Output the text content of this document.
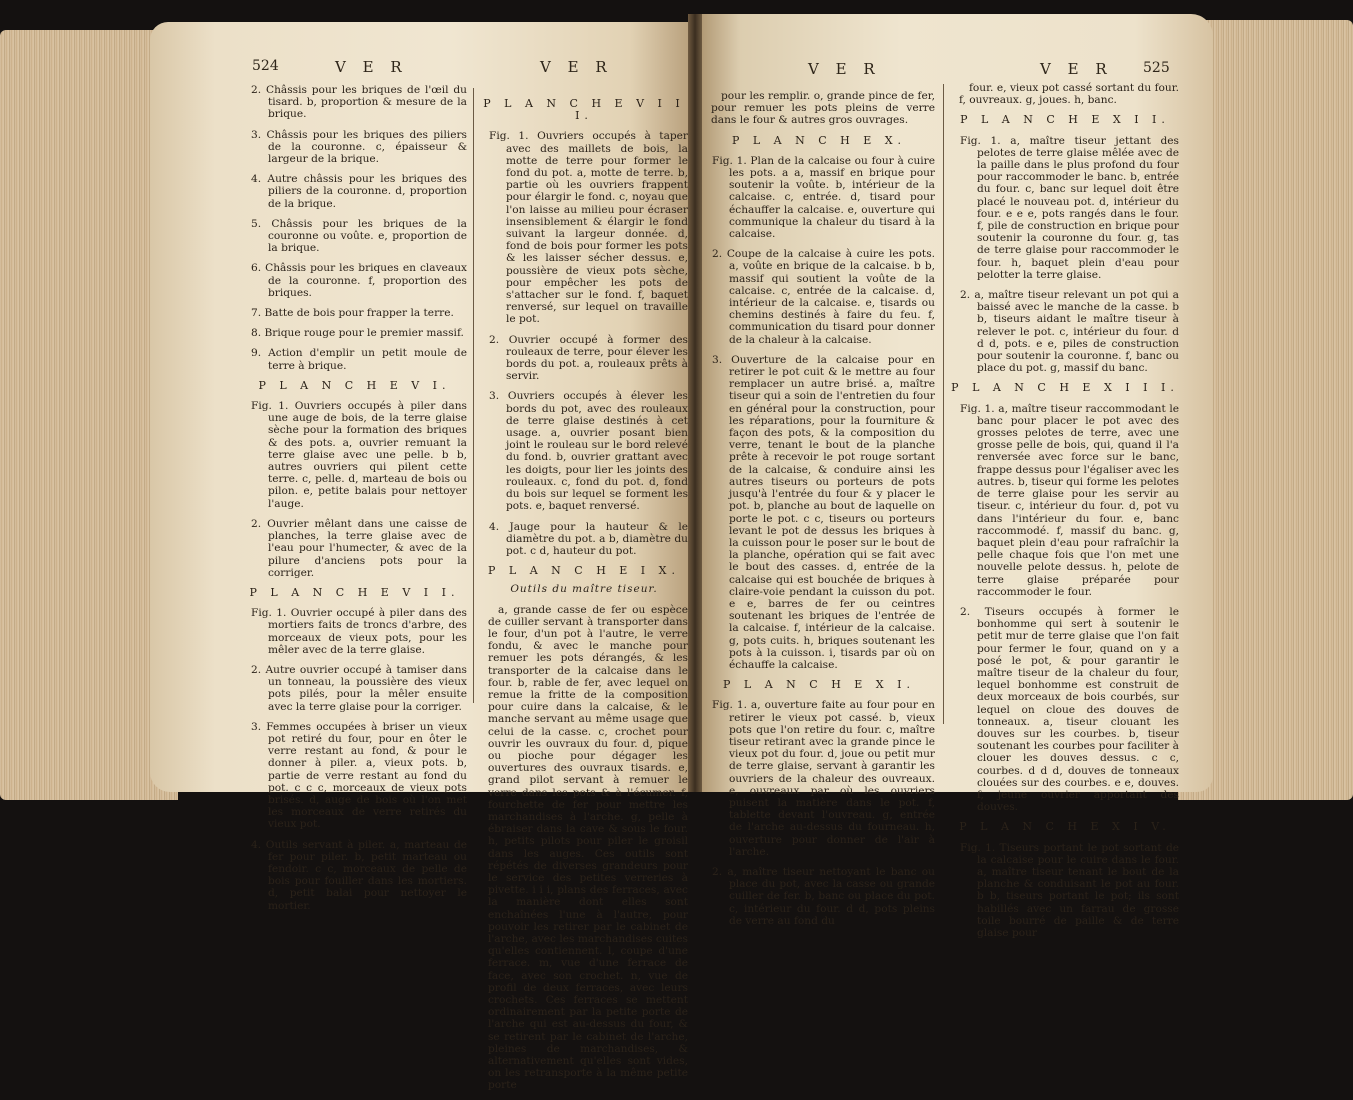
524	V E R	V E R

2. Châssis pour les briques de l'œil du tisard. b, proportion & mesure de la brique.

3. Châssis pour les briques des piliers de la couronne. c, épaisseur & largeur de la brique.

4. Autre châssis pour les briques des piliers de la couronne. d, proportion de la brique.

5. Châssis pour les briques de la couronne ou voûte. e, proportion de la brique.

6. Châssis pour les briques en claveaux de la couronne. f, proportion des briques.

7. Batte de bois pour frapper la terre.

8. Brique rouge pour le premier massif.

9. Action d'emplir un petit moule de terre à brique.

P L A N C H E V I.

Fig. 1. Ouvriers occupés à piler dans une auge de bois, de la terre glaise sèche pour la formation des briques & des pots. a, ouvrier remuant la terre glaise avec une pelle. b b, autres ouvriers qui pilent cette terre. c, pelle. d, marteau de bois ou pilon. e, petite balais pour nettoyer l'auge.

2. Ouvrier mêlant dans une caisse de planches, la terre glaise avec de l'eau pour l'humecter, & avec de la pilure d'anciens pots pour la corriger.

P L A N C H E V I I.

Fig. 1. Ouvrier occupé à piler dans des mortiers faits de troncs d'arbre, des morceaux de vieux pots, pour les mêler avec de la terre glaise.

2. Autre ouvrier occupé à tamiser dans un tonneau, la poussière des vieux pots pilés, pour la mêler ensuite avec la terre glaise pour la corriger.

3. Femmes occupées à briser un vieux pot retiré du four, pour en ôter le verre restant au fond, & pour le donner à piler. a, vieux pots. b, partie de verre restant au fond du pot. c c c, morceaux de vieux pots brisés. d, auge de bois où l'on met les morceaux de verre retirés du vieux pot.

4. Outils servant à piler. a, marteau de fer pour piler. b, petit marteau ou fendoir. c c, morceaux de pelle de bois pour fouiller dans les mortiers. d, petit balai pour nettoyer le mortier.

P L A N C H E V I I I.

Fig. 1. Ouvriers occupés à taper avec des maillets de bois, la motte de terre pour former le fond du pot. a, motte de terre. b, partie où les ouvriers frappent pour élargir le fond. c, noyau que l'on laisse au milieu pour écraser insensiblement & élargir le fond suivant la largeur donnée. d, fond de bois pour former les pots & les laisser sécher dessus. e, poussière de vieux pots sèche, pour empêcher les pots de s'attacher sur le fond. f, baquet renversé, sur lequel on travaille le pot.

2. Ouvrier occupé à former des rouleaux de terre, pour élever les bords du pot. a, rouleaux prêts à servir.

3. Ouvriers occupés à élever les bords du pot, avec des rouleaux de terre glaise destinés à cet usage. a, ouvrier posant bien joint le rouleau sur le bord relevé du fond. b, ouvrier grattant avec les doigts, pour lier les joints des rouleaux. c, fond du pot. d, fond du bois sur lequel se forment les pots. e, baquet renversé.

4. Jauge pour la hauteur & le diamètre du pot. a b, diamètre du pot. c d, hauteur du pot.

P L A N C H E I X.
Outils du maître tiseur.

a, grande casse de fer ou espèce de cuiller servant à transporter dans le four, d'un pot à l'autre, le verre fondu, & avec le manche pour remuer les pots dérangés, & les transporter de la calcaise dans le four. b, rable de fer, avec lequel on remue la fritte de la composition pour cuire dans la calcaise, & le manche servant au même usage que celui de la casse. c, crochet pour ouvrir les ouvraux du four. d, pique ou pioche pour dégager les ouvertures des ouvraux tisards. e, grand pilot servant à remuer le verre dans les pots & à l'écumer. f, fourchette de fer pour mettre les marchandises à l'arche. g, pelle à ébraiser dans la cave & sous le four. h, petits pilots pour piler le groisil dans les auges. Ces outils sont répétés de diverses grandeurs pour le service des petites verreries à pivette. i i i, plans des ferraces, avec la manière dont elles sont enchaînées l'une à l'autre, pour pouvoir les retirer par le cabinet de l'arche, avec les marchandises cuites qu'elles contiennent. l, coupe d'une ferrace. m, vue d'une ferrace de face, avec son crochet. n, vue de profil de deux ferraces, avec leurs crochets. Ces ferraces se mettent ordinairement par la petite porte de l'arche qui est au-dessus du four, & se retirent par le cabinet de l'arche, pleines de marchandises, & alternativement qu'elles sont vides, on les retransporte à la même petite porte

V E R	V E R 525

pour les remplir. o, grande pince de fer, pour remuer les pots pleins de verre dans le four & autres gros ouvrages.

P L A N C H E X.

Fig. 1. Plan de la calcaise ou four à cuire les pots. a a, massif en brique pour soutenir la voûte. b, intérieur de la calcaise. c, entrée. d, tisard pour échauffer la calcaise. e, ouverture qui communique la chaleur du tisard à la calcaise.

2. Coupe de la calcaise à cuire les pots. a, voûte en brique de la calcaise. b b, massif qui soutient la voûte de la calcaise. c, entrée de la calcaise. d, intérieur de la calcaise. e, tisards ou chemins destinés à faire du feu. f, communication du tisard pour donner de la chaleur à la calcaise.

3. Ouverture de la calcaise pour en retirer le pot cuit & le mettre au four remplacer un autre brisé. a, maître tiseur qui a soin de l'entretien du four en général pour la construction, pour les réparations, pour la fourniture & façon des pots, & la composition du verre, tenant le bout de la planche prête à recevoir le pot rouge sortant de la calcaise, & conduire ainsi les autres tiseurs ou porteurs de pots jusqu'à l'entrée du four & y placer le pot. b, planche au bout de laquelle on porte le pot. c c, tiseurs ou porteurs levant le pot de dessus les briques à la cuisson pour le poser sur le bout de la planche, opération qui se fait avec le bout des casses. d, entrée de la calcaise qui est bouchée de briques à claire-voie pendant la cuisson du pot. e e, barres de fer ou ceintres soutenant les briques de l'entrée de la calcaise. f, intérieur de la calcaise. g, pots cuits. h, briques soutenant les pots à la cuisson. i, tisards par où on échauffe la calcaise.

P L A N C H E X I.

Fig. 1. a, ouverture faite au four pour en retirer le vieux pot cassé. b, vieux pots que l'on retire du four. c, maître tiseur retirant avec la grande pince le vieux pot du four. d, joue ou petit mur de terre glaise, servant à garantir les ouvriers de la chaleur des ouvreaux. e, ouvreaux par où les ouvriers puisent la matière dans le pot. f, tablette devant l'ouvreau. g, entrée de l'arche au-dessus du fourneau. h, ouverture pour donner de l'air à l'arche.

2. a, maître tiseur nettoyant le banc ou place du pot, avec la casse ou grande cuiller de fer. b, banc ou place du pot. c, intérieur du four. d d, pots pleins de verre au fond du

four. e, vieux pot cassé sortant du four. f, ouvreaux. g, joues. h, banc.

P L A N C H E X I I.

Fig. 1. a, maître tiseur jettant des pelotes de terre glaise mêlée avec de la paille dans le plus profond du four pour raccommoder le banc. b, entrée du four. c, banc sur lequel doit être placé le nouveau pot. d, intérieur du four. e e e, pots rangés dans le four. f, pile de construction en brique pour soutenir la couronne du four. g, tas de terre glaise pour raccommoder le four. h, baquet plein d'eau pour pelotter la terre glaise.

2. a, maître tiseur relevant un pot qui a baissé avec le manche de la casse. b b, tiseurs aidant le maître tiseur à relever le pot. c, intérieur du four. d d d, pots. e e, piles de construction pour soutenir la couronne. f, banc ou place du pot. g, massif du banc.

P L A N C H E X I I I.

Fig. 1. a, maître tiseur raccommodant le banc pour placer le pot avec des grosses pelotes de terre, avec une grosse pelle de bois, qui, quand il l'a renversée avec force sur le banc, frappe dessus pour l'égaliser avec les autres. b, tiseur qui forme les pelotes de terre glaise pour les servir au tiseur. c, intérieur du four. d, pot vu dans l'intérieur du four. e, banc raccommodé. f, massif du banc. g, baquet plein d'eau pour rafraîchir la pelle chaque fois que l'on met une nouvelle pelote dessus. h, pelote de terre glaise préparée pour raccommoder le four.

2. Tiseurs occupés à former le bonhomme qui sert à soutenir le petit mur de terre glaise que l'on fait pour fermer le four, quand on y a posé le pot, & pour garantir le maître tiseur de la chaleur du four, lequel bonhomme est construit de deux morceaux de bois courbés, sur lequel on cloue des douves de tonneaux. a, tiseur clouant les douves sur les courbes. b, tiseur soutenant les courbes pour faciliter à clouer les douves dessus. c c, courbes. d d d, douves de tonneaux clouées sur des courbes. e e, douves. f, jeune ouvrier apportant des douves.

P L A N C H E X I V.

Fig. 1. Tiseurs portant le pot sortant de la calcaise pour le cuire dans le four. a, maître tiseur tenant le bout de la planche & conduisant le pot au four. b b, tiseurs portant le pot; ils sont habillés avec un farrau de grosse toile bourré de paille & de terre glaise pour
